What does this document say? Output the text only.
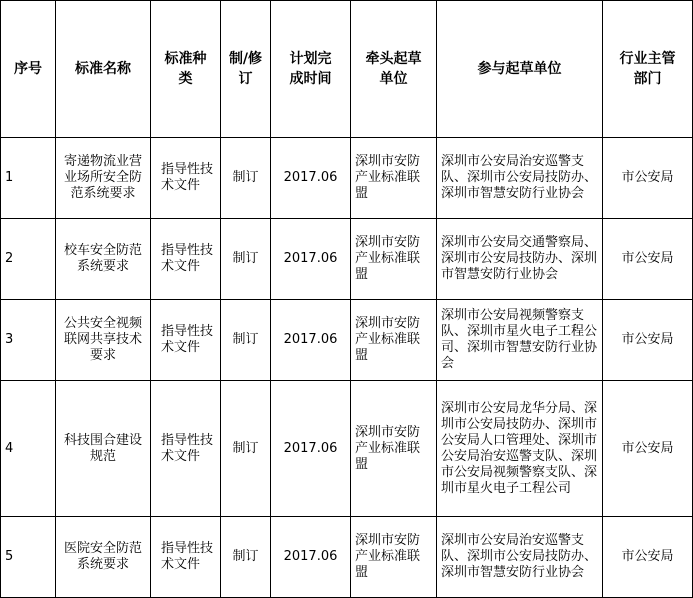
序号	标准名称	标准种类	制/修订	计划完成时间	牵头起草单位	参与起草单位	行业主管部门
1	寄递物流业营业场所安全防范系统要求	指导性技术文件	制订	2017.06	深圳市安防产业标准联盟	深圳市公安局治安巡警支队、深圳市公安局技防办、深圳市智慧安防行业协会	市公安局
2	校车安全防范系统要求	指导性技术文件	制订	2017.06	深圳市安防产业标准联盟	深圳市公安局交通警察局、深圳市公安局技防办、深圳市智慧安防行业协会	市公安局
3	公共安全视频联网共享技术要求	指导性技术文件	制订	2017.06	深圳市安防产业标准联盟	深圳市公安局视频警察支队、深圳市星火电子工程公司、深圳市智慧安防行业协会	市公安局
4	科技围合建设规范	指导性技术文件	制订	2017.06	深圳市安防产业标准联盟	深圳市公安局龙华分局、深圳市公安局技防办、深圳市公安局人口管理处、深圳市公安局治安巡警支队、深圳市公安局视频警察支队、深圳市星火电子工程公司	市公安局
5	医院安全防范系统要求	指导性技术文件	制订	2017.06	深圳市安防产业标准联盟	深圳市公安局治安巡警支队、深圳市公安局技防办、深圳市智慧安防行业协会	市公安局
